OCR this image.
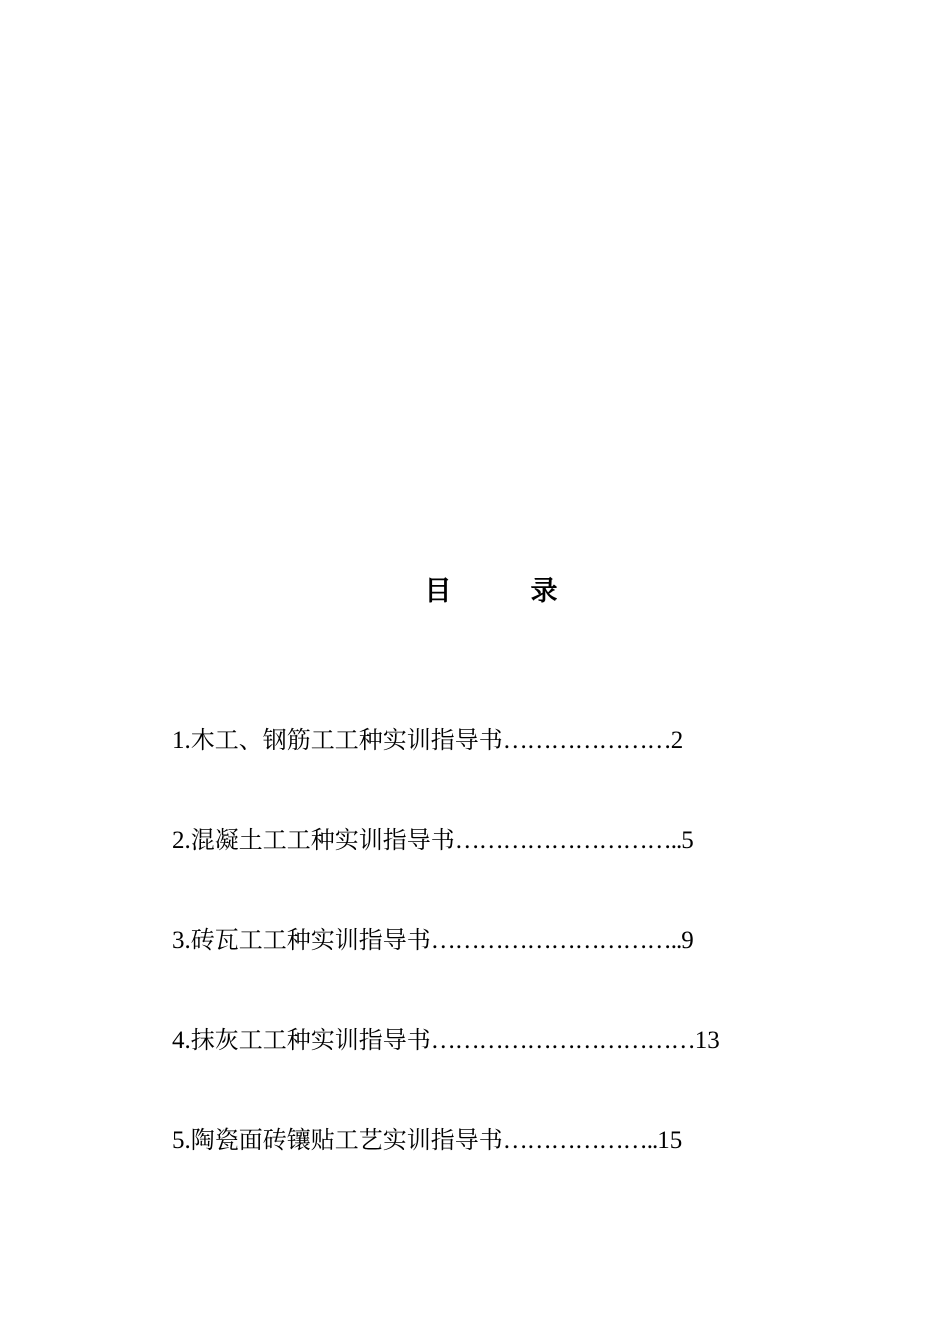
目　录
1.木工、钢筋工工种实训指导书…………………2
2.混凝土工工种实训指导书………………………..5
3.砖瓦工工种实训指导书…………………………..9
4.抹灰工工种实训指导书……………………………13
5.陶瓷面砖镶贴工艺实训指导书………………..15
